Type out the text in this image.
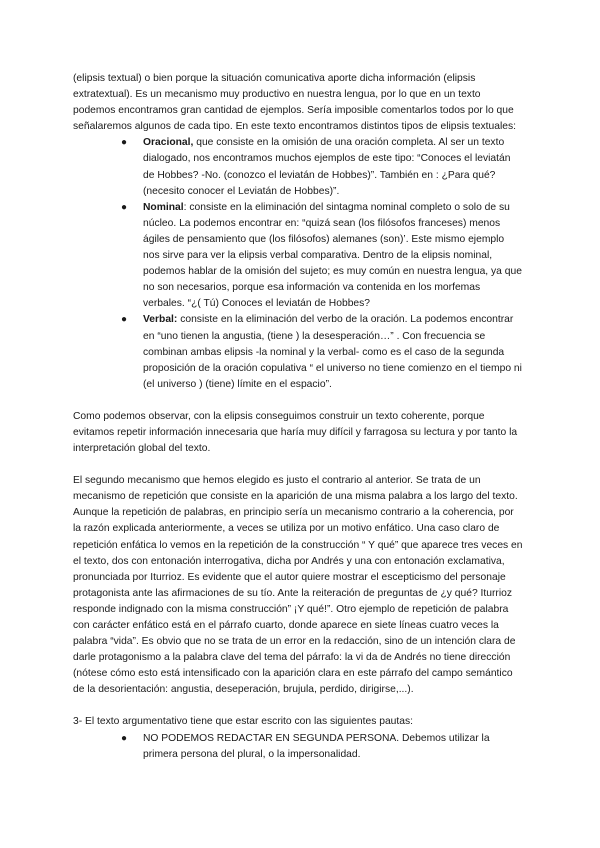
(elipsis textual) o bien porque la situación comunicativa aporte dicha información (elipsis extratextual). Es un mecanismo muy productivo en nuestra lengua, por lo que en un texto podemos encontramos gran cantidad de ejemplos. Sería imposible comentarlos todos por lo que señalaremos algunos de cada tipo. En este texto encontramos distintos tipos de elipsis textuales:

● Oracional, que consiste en la omisión de una oración completa. Al ser un texto dialogado, nos encontramos muchos ejemplos de este tipo: “Conoces el leviatán de Hobbes? -No. (conozco el leviatán de Hobbes)”. También en : ¿Para qué? (necesito conocer el Leviatán de Hobbes)”.
● Nominal: consiste en la eliminación del sintagma nominal completo o solo de su núcleo. La podemos encontrar en: “quizá sean (los filósofos franceses) menos ágiles de pensamiento que (los filósofos) alemanes (son)’. Este mismo ejemplo nos sirve para ver la elipsis verbal comparativa. Dentro de la elipsis nominal, podemos hablar de la omisión del sujeto; es muy común en nuestra lengua, ya que no son necesarios, porque esa información va contenida en los morfemas verbales. “¿( Tú) Conoces el leviatán de Hobbes?
● Verbal: consiste en la eliminación del verbo de la oración. La podemos encontrar en “uno tienen la angustia, (tiene ) la desesperación…” . Con frecuencia se combinan ambas elipsis -la nominal y la verbal- como es el caso de la segunda proposición de la oración copulativa “ el universo no tiene comienzo en el tiempo ni (el universo ) (tiene) límite en el espacio”.

Como podemos observar, con la elipsis conseguimos construir un texto coherente, porque evitamos repetir información innecesaria que haría muy difícil y farragosa su lectura y por tanto la interpretación global del texto.

El segundo mecanismo que hemos elegido es justo el contrario al anterior. Se trata de un mecanismo de repetición que consiste en la aparición de una misma palabra a los largo del texto. Aunque la repetición de palabras, en principio sería un mecanismo contrario a la coherencia, por la razón explicada anteriormente, a veces se utiliza por un motivo enfático. Una caso claro de repetición enfática lo vemos en la repetición de la construcción “ Y qué” que aparece tres veces en el texto, dos con entonación interrogativa, dicha por Andrés y una con entonación exclamativa, pronunciada por Iturrioz. Es evidente que el autor quiere mostrar el escepticismo del personaje protagonista ante las afirmaciones de su tío. Ante la reiteración de preguntas de ¿y qué? Iturrioz responde indignado con la misma construcción” ¡Y qué!”. Otro ejemplo de repetición de palabra con carácter enfático está en el párrafo cuarto, donde aparece en siete líneas cuatro veces la palabra “vida”. Es obvio que no se trata de un error en la redacción, sino de un intención clara de darle protagonismo a la palabra clave del tema del párrafo: la vi da de Andrés no tiene dirección (nótese cómo esto está intensificado con la aparición clara en este párrafo del campo semántico de la desorientación: angustia, deseperación, brujula, perdido, dirigirse,...).

3- El texto argumentativo tiene que estar escrito con las siguientes pautas:

● NO PODEMOS REDACTAR EN SEGUNDA PERSONA. Debemos utilizar la primera persona del plural, o la impersonalidad.
